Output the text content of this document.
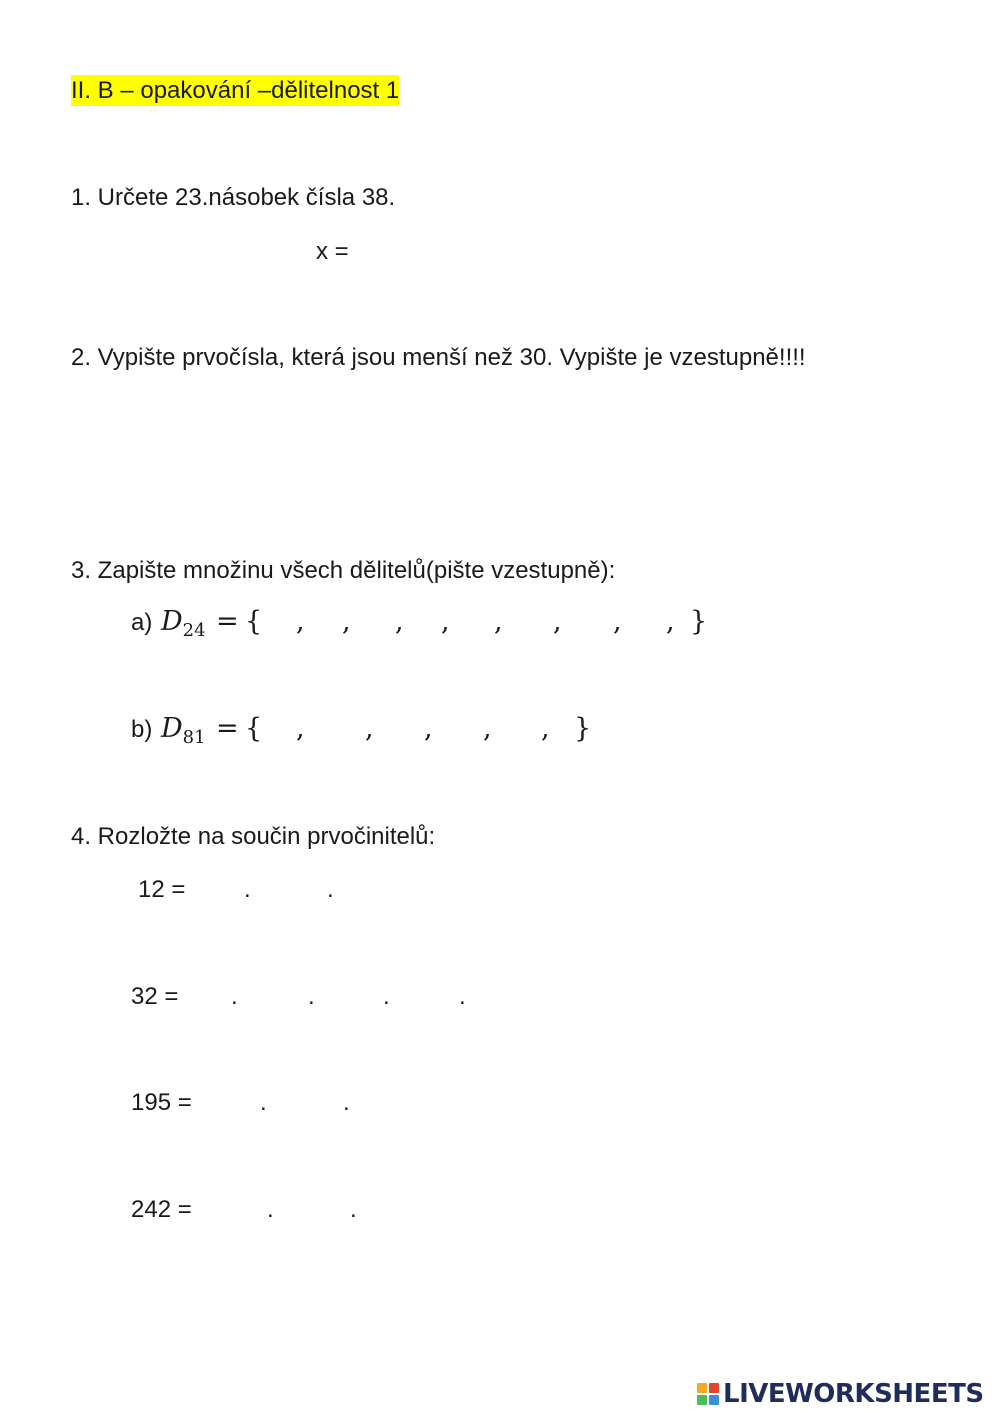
II. B – opakování –dělitelnost 1
1. Určete 23.násobek čísla 38.
x =
2. Vypište prvočísla, která jsou menší než 30. Vypište je vzestupně!!!!
3. Zapište množinu všech dělitelů(pište vzestupně):
a) $D_{24}$ = { , , , , , , , , }
b) $D_{81}$ = { , , , , , }
4. Rozložte na součin prvočinitelů:
12 = .	.
32 = .	.	.	.
195 =	.	.
242 =	.	.
LIVEWORKSHEETS
